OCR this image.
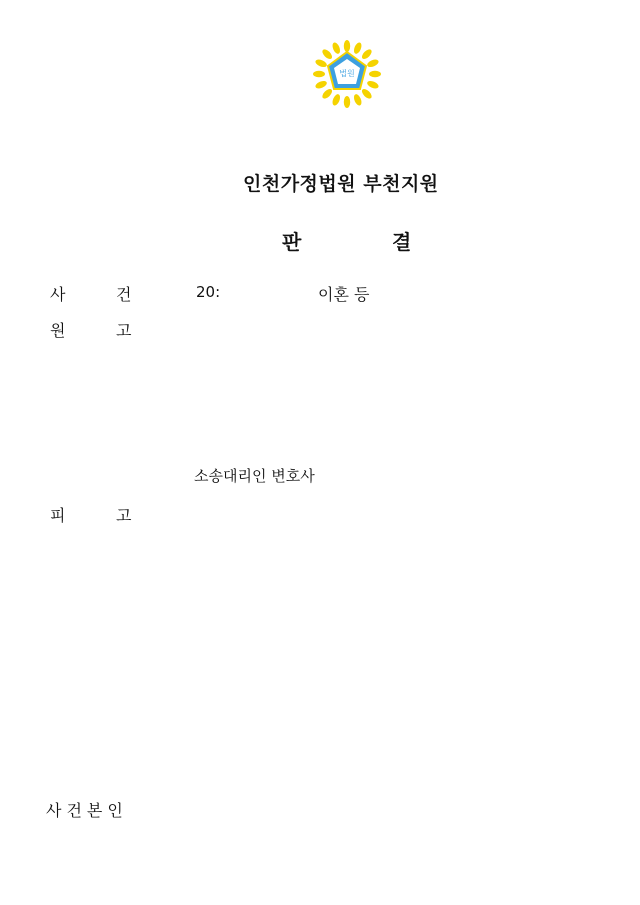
법원
인천가정법원 부천지원
판	결
사	건	20:	이혼 등
원	고
소송대리인 변호사
피	고
사건본인
